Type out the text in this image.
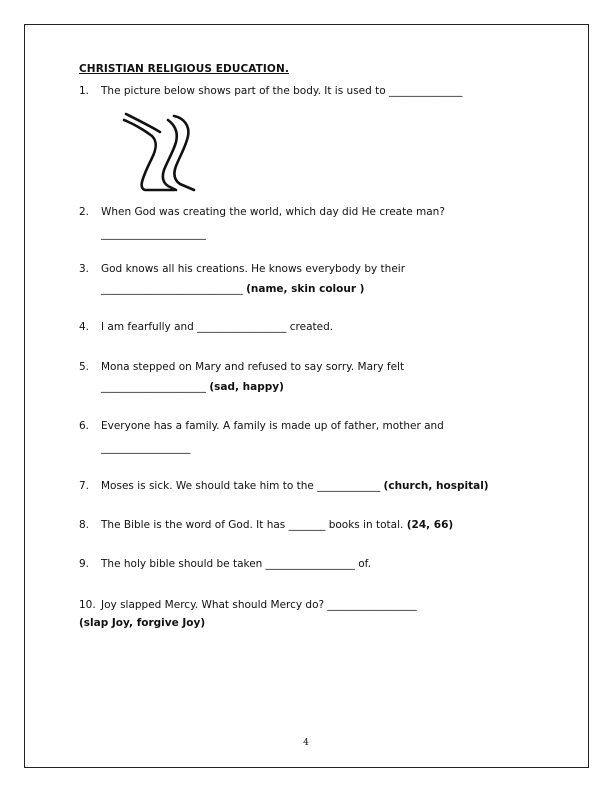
CHRISTIAN RELIGIOUS EDUCATION.
1. The picture below shows part of the body. It is used to ______________
2. When God was creating the world, which day did He create man?
____________________
3. God knows all his creations. He knows everybody by their
___________________________ (name, skin colour )
4. I am fearfully and _________________ created.
5. Mona stepped on Mary and refused to say sorry. Mary felt
____________________ (sad, happy)
6. Everyone has a family. A family is made up of father, mother and
_________________
7. Moses is sick. We should take him to the ____________ (church, hospital)
8. The Bible is the word of God. It has _______ books in total. (24, 66)
9. The holy bible should be taken _________________ of.
10. Joy slapped Mercy. What should Mercy do? _________________
(slap Joy, forgive Joy)
4
